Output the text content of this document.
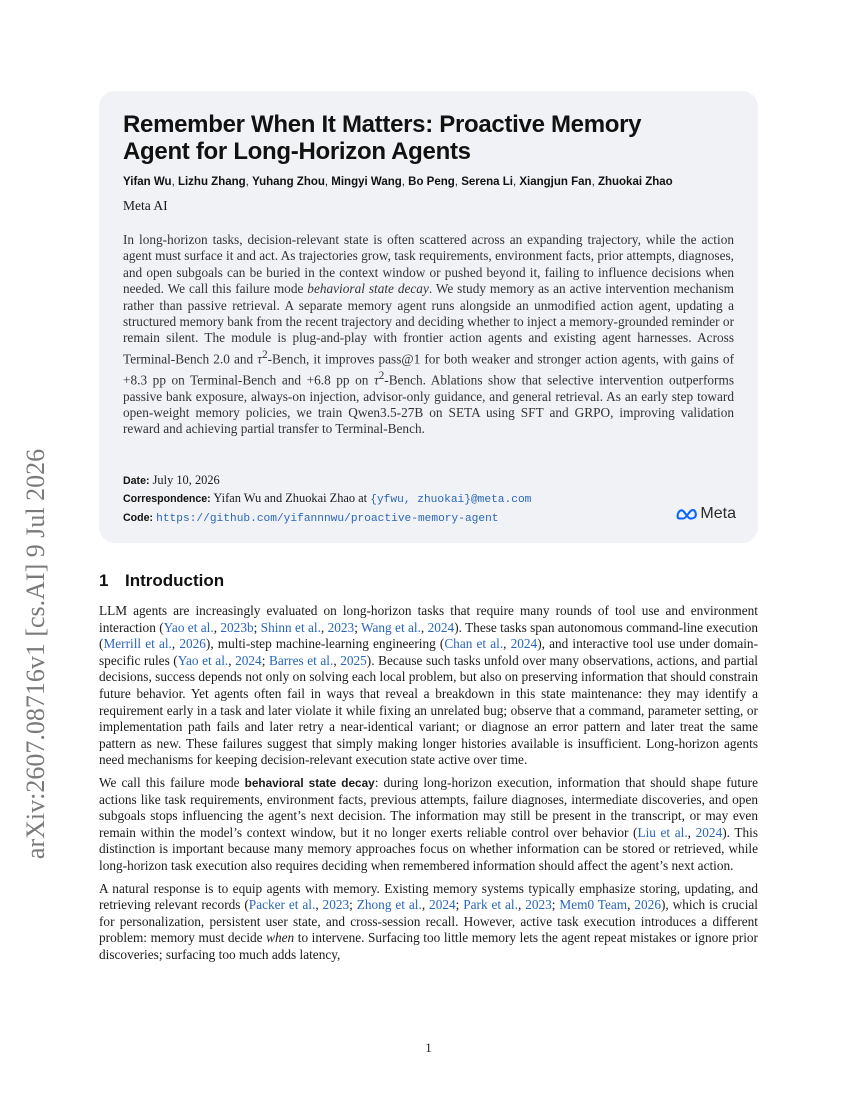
arXiv:2607.08716v1 [cs.AI] 9 Jul 2026
Remember When It Matters: Proactive Memory
Agent for Long-Horizon Agents
Yifan Wu, Lizhu Zhang, Yuhang Zhou, Mingyi Wang, Bo Peng, Serena Li, Xiangjun Fan, Zhuokai Zhao
Meta AI

In long-horizon tasks, decision-relevant state is often scattered across an expanding trajectory, while the action agent must surface it and act. As trajectories grow, task requirements, environment facts, prior attempts, diagnoses, and open subgoals can be buried in the context window or pushed beyond it, failing to influence decisions when needed. We call this failure mode behavioral state decay. We study memory as an active intervention mechanism rather than passive retrieval. A separate memory agent runs alongside an unmodified action agent, updating a structured memory bank from the recent trajectory and deciding whether to inject a memory-grounded reminder or remain silent. The module is plug-and-play with frontier action agents and existing agent harnesses. Across Terminal-Bench 2.0 and $\tau^2$-Bench, it improves pass@1 for both weaker and stronger action agents, with gains of +8.3 pp on Terminal-Bench and +6.8 pp on $\tau^2$-Bench. Ablations show that selective intervention outperforms passive bank exposure, always-on injection, advisor-only guidance, and general retrieval. As an early step toward open-weight memory policies, we train Qwen3.5-27B on SETA using SFT and GRPO, improving validation reward and achieving partial transfer to Terminal-Bench.

Date: July 10, 2026
Correspondence: Yifan Wu and Zhuokai Zhao at {yfwu, zhuokai}@meta.com
Code: https://github.com/yifannnwu/proactive-memory-agent	Meta
1 Introduction

LLM agents are increasingly evaluated on long-horizon tasks that require many rounds of tool use and environment interaction (Yao et al., 2023b; Shinn et al., 2023; Wang et al., 2024). These tasks span autonomous command-line execution (Merrill et al., 2026), multi-step machine-learning engineering (Chan et al., 2024), and interactive tool use under domain-specific rules (Yao et al., 2024; Barres et al., 2025). Because such tasks unfold over many observations, actions, and partial decisions, success depends not only on solving each local problem, but also on preserving information that should constrain future behavior. Yet agents often fail in ways that reveal a breakdown in this state maintenance: they may identify a requirement early in a task and later violate it while fixing an unrelated bug; observe that a command, parameter setting, or implementation path fails and later retry a near-identical variant; or diagnose an error pattern and later treat the same pattern as new. These failures suggest that simply making longer histories available is insufficient. Long-horizon agents need mechanisms for keeping decision-relevant execution state active over time.

We call this failure mode behavioral state decay: during long-horizon execution, information that should shape future actions like task requirements, environment facts, previous attempts, failure diagnoses, intermediate discoveries, and open subgoals stops influencing the agent’s next decision. The information may still be present in the transcript, or may even remain within the model’s context window, but it no longer exerts reliable control over behavior (Liu et al., 2024). This distinction is important because many memory approaches focus on whether information can be stored or retrieved, while long-horizon task execution also requires deciding when remembered information should affect the agent’s next action.

A natural response is to equip agents with memory. Existing memory systems typically emphasize storing, updating, and retrieving relevant records (Packer et al., 2023; Zhong et al., 2024; Park et al., 2023; Mem0 Team, 2026), which is crucial for personalization, persistent user state, and cross-session recall. However, active task execution introduces a different problem: memory must decide when to intervene. Surfacing too little memory lets the agent repeat mistakes or ignore prior discoveries; surfacing too much adds latency,

1
